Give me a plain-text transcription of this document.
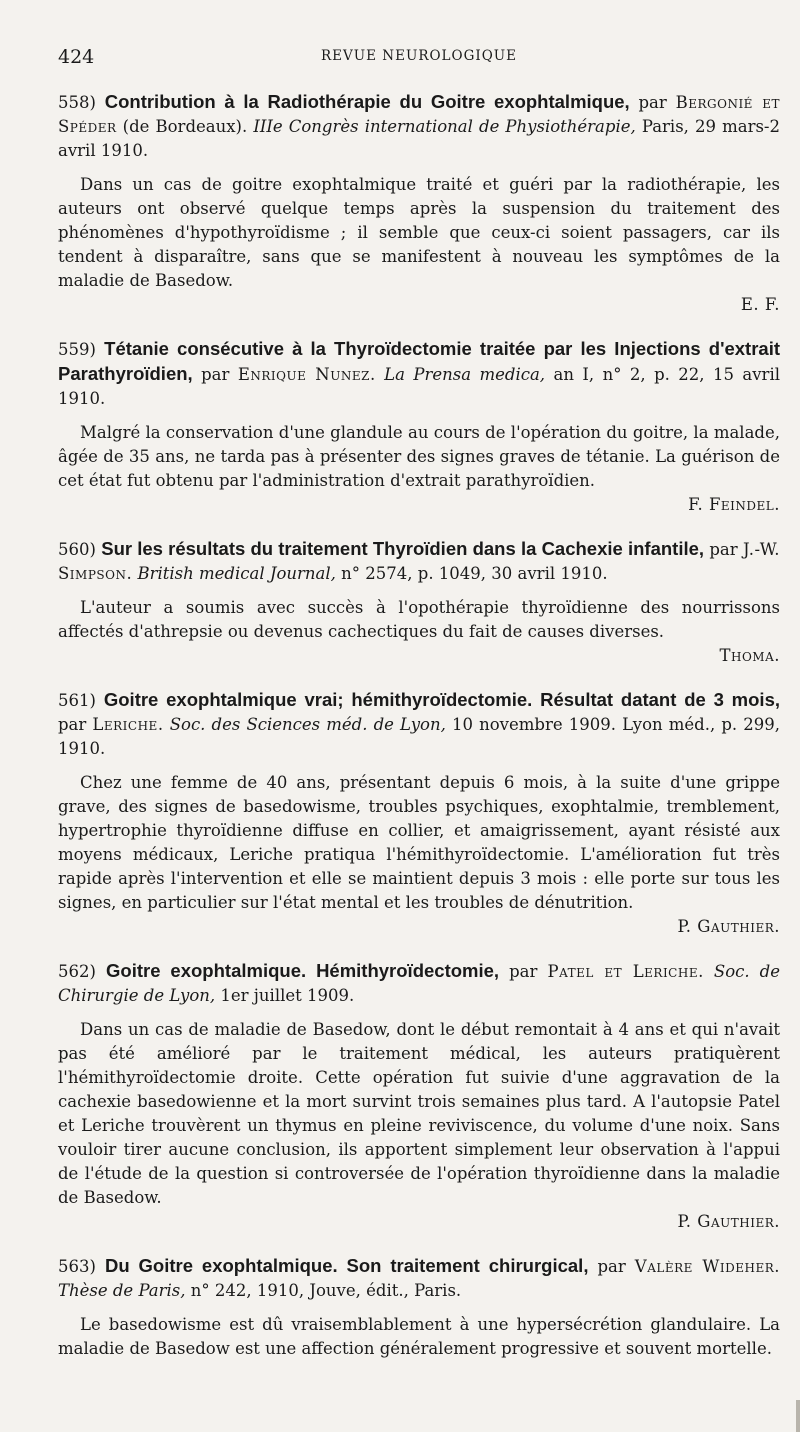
424	REVUE NEUROLOGIQUE

558) Contribution à la Radiothérapie du Goitre exophtalmique, par Bergonié et Spéder (de Bordeaux). IIIe Congrès international de Physiothérapie, Paris, 29 mars-2 avril 1910.

Dans un cas de goitre exophtalmique traité et guéri par la radiothérapie, les auteurs ont observé quelque temps après la suspension du traitement des phénomènes d'hypothyroïdisme ; il semble que ceux-ci soient passagers, car ils tendent à disparaître, sans que se manifestent à nouveau les symptômes de la maladie de Basedow.

E. F.

559) Tétanie consécutive à la Thyroïdectomie traitée par les Injections d'extrait Parathyroïdien, par Enrique Nunez. La Prensa medica, an I, n° 2, p. 22, 15 avril 1910.

Malgré la conservation d'une glandule au cours de l'opération du goitre, la malade, âgée de 35 ans, ne tarda pas à présenter des signes graves de tétanie. La guérison de cet état fut obtenu par l'administration d'extrait parathyroïdien.

F. Feindel.

560) Sur les résultats du traitement Thyroïdien dans la Cachexie infantile, par J.-W. Simpson. British medical Journal, n° 2574, p. 1049, 30 avril 1910.

L'auteur a soumis avec succès à l'opothérapie thyroïdienne des nourrissons affectés d'athrepsie ou devenus cachectiques du fait de causes diverses.

Thoma.

561) Goitre exophtalmique vrai; hémithyroïdectomie. Résultat datant de 3 mois, par Leriche. Soc. des Sciences méd. de Lyon, 10 novembre 1909. Lyon méd., p. 299, 1910.

Chez une femme de 40 ans, présentant depuis 6 mois, à la suite d'une grippe grave, des signes de basedowisme, troubles psychiques, exophtalmie, tremblement, hypertrophie thyroïdienne diffuse en collier, et amaigrissement, ayant résisté aux moyens médicaux, Leriche pratiqua l'hémithyroïdectomie. L'amélioration fut très rapide après l'intervention et elle se maintient depuis 3 mois : elle porte sur tous les signes, en particulier sur l'état mental et les troubles de dénutrition.

P. Gauthier.

562) Goitre exophtalmique. Hémithyroïdectomie, par Patel et Leriche. Soc. de Chirurgie de Lyon, 1er juillet 1909.

Dans un cas de maladie de Basedow, dont le début remontait à 4 ans et qui n'avait pas été amélioré par le traitement médical, les auteurs pratiquèrent l'hémithyroïdectomie droite. Cette opération fut suivie d'une aggravation de la cachexie basedowienne et la mort survint trois semaines plus tard. A l'autopsie Patel et Leriche trouvèrent un thymus en pleine reviviscence, du volume d'une noix. Sans vouloir tirer aucune conclusion, ils apportent simplement leur observation à l'appui de l'étude de la question si controversée de l'opération thyroïdienne dans la maladie de Basedow.

P. Gauthier.

563) Du Goitre exophtalmique. Son traitement chirurgical, par Valère Wideher. Thèse de Paris, n° 242, 1910, Jouve, édit., Paris.

Le basedowisme est dû vraisemblablement à une hypersécrétion glandulaire. La maladie de Basedow est une affection généralement progressive et souvent mortelle.
